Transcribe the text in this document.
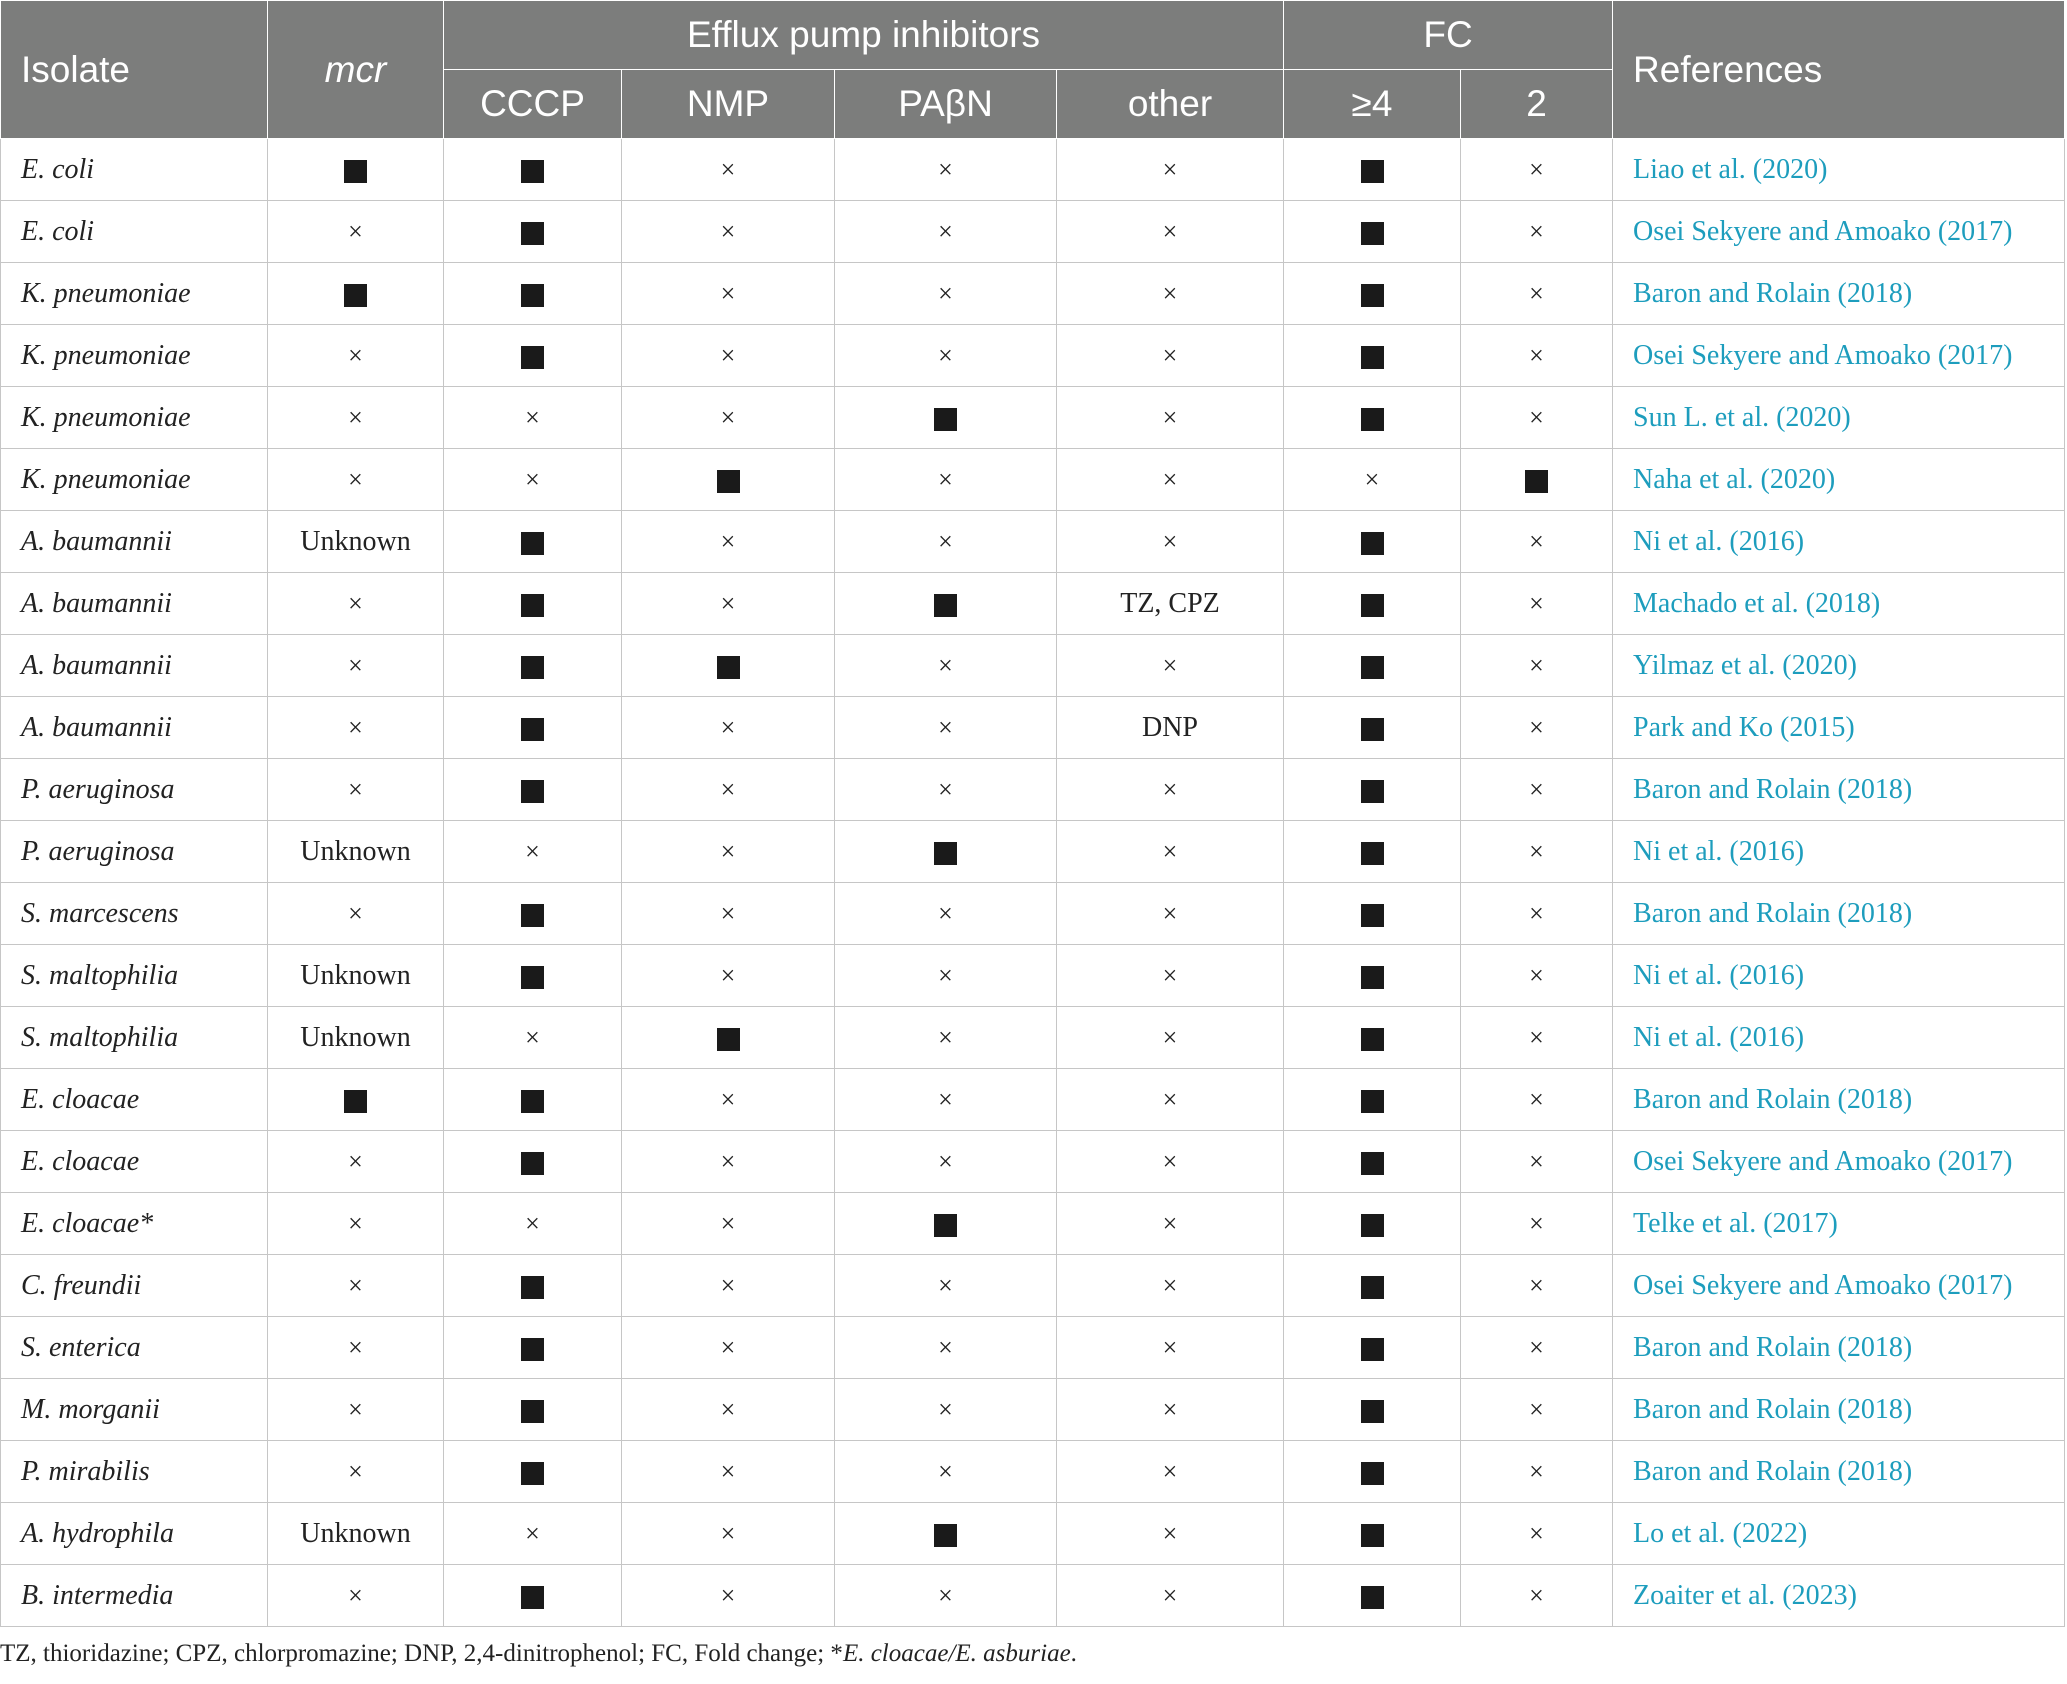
Isolate	mcr	Efflux pump inhibitors				FC		References
		CCCP	NMP	PAβN	other	≥4	2	
E. coli			×	×	×		×	Liao et al. (2020)
E. coli	×		×	×	×		×	Osei Sekyere and Amoako (2017)
K. pneumoniae			×	×	×		×	Baron and Rolain (2018)
K. pneumoniae	×		×	×	×		×	Osei Sekyere and Amoako (2017)
K. pneumoniae	×	×	×		×		×	Sun L. et al. (2020)
K. pneumoniae	×	×		×	×	×		Naha et al. (2020)
A. baumannii	Unknown		×	×	×		×	Ni et al. (2016)
A. baumannii	×		×		TZ, CPZ		×	Machado et al. (2018)
A. baumannii	×			×	×		×	Yilmaz et al. (2020)
A. baumannii	×		×	×	DNP		×	Park and Ko (2015)
P. aeruginosa	×		×	×	×		×	Baron and Rolain (2018)
P. aeruginosa	Unknown	×	×		×		×	Ni et al. (2016)
S. marcescens	×		×	×	×		×	Baron and Rolain (2018)
S. maltophilia	Unknown		×	×	×		×	Ni et al. (2016)
S. maltophilia	Unknown	×		×	×		×	Ni et al. (2016)
E. cloacae			×	×	×		×	Baron and Rolain (2018)
E. cloacae	×		×	×	×		×	Osei Sekyere and Amoako (2017)
E. cloacae*	×	×	×		×		×	Telke et al. (2017)
C. freundii	×		×	×	×		×	Osei Sekyere and Amoako (2017)
S. enterica	×		×	×	×		×	Baron and Rolain (2018)
M. morganii	×		×	×	×		×	Baron and Rolain (2018)
P. mirabilis	×		×	×	×		×	Baron and Rolain (2018)
A. hydrophila	Unknown	×	×		×		×	Lo et al. (2022)
B. intermedia	×		×	×	×		×	Zoaiter et al. (2023)
TZ, thioridazine; CPZ, chlorpromazine; DNP, 2,4-dinitrophenol; FC, Fold change; *E. cloacae/E. asburiae.
